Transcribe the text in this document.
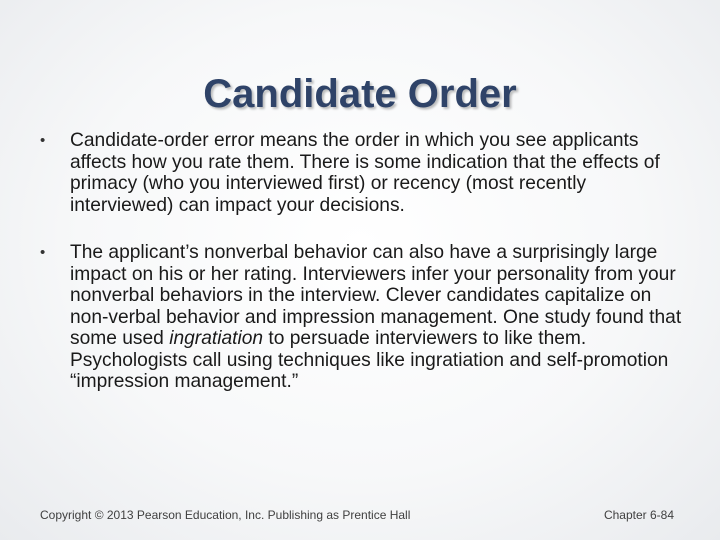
Candidate Order
• Candidate-order error means the order in which you see applicants affects how you rate them. There is some indication that the effects of primacy (who you interviewed first) or recency (most recently interviewed) can impact your decisions.
• The applicant’s nonverbal behavior can also have a surprisingly large impact on his or her rating. Interviewers infer your personality from your nonverbal behaviors in the interview. Clever candidates capitalize on non-verbal behavior and impression management. One study found that some used ingratiation to persuade interviewers to like them. Psychologists call using techniques like ingratiation and self-promotion “impression management.”
Copyright © 2013 Pearson Education, Inc. Publishing as Prentice Hall	Chapter 6-84
